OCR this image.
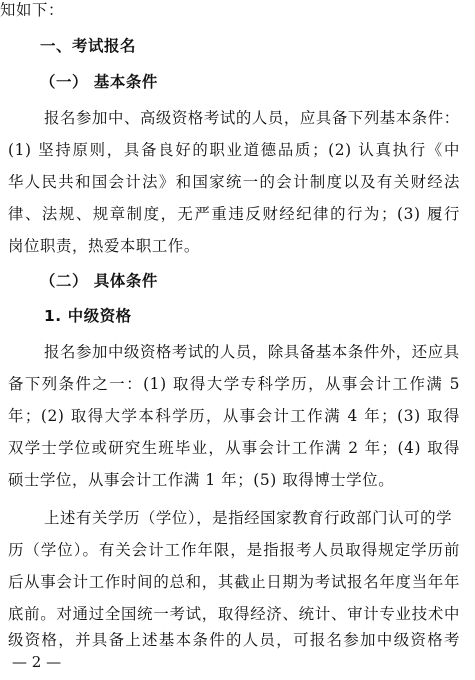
知如下：
一、考试报名
（一） 基本条件
报名参加中、高级资格考试的人员，应具备下列基本条件：
(1) 坚持原则，具备良好的职业道德品质；(2) 认真执行《中
华人民共和国会计法》和国家统一的会计制度以及有关财经法
律、法规、规章制度，无严重违反财经纪律的行为；(3) 履行
岗位职责，热爱本职工作。
（二） 具体条件
1. 中级资格
报名参加中级资格考试的人员，除具备基本条件外，还应具
备下列条件之一：(1) 取得大学专科学历，从事会计工作满 5
年；(2) 取得大学本科学历，从事会计工作满 4 年；(3) 取得
双学士学位或研究生班毕业，从事会计工作满 2 年；(4) 取得
硕士学位，从事会计工作满 1 年；(5) 取得博士学位。
上述有关学历（学位），是指经国家教育行政部门认可的学
历（学位）。有关会计工作年限，是指报考人员取得规定学历前
后从事会计工作时间的总和，其截止日期为考试报名年度当年年
底前。对通过全国统一考试，取得经济、统计、审计专业技术中
级资格，并具备上述基本条件的人员，可报名参加中级资格考
— 2 —
